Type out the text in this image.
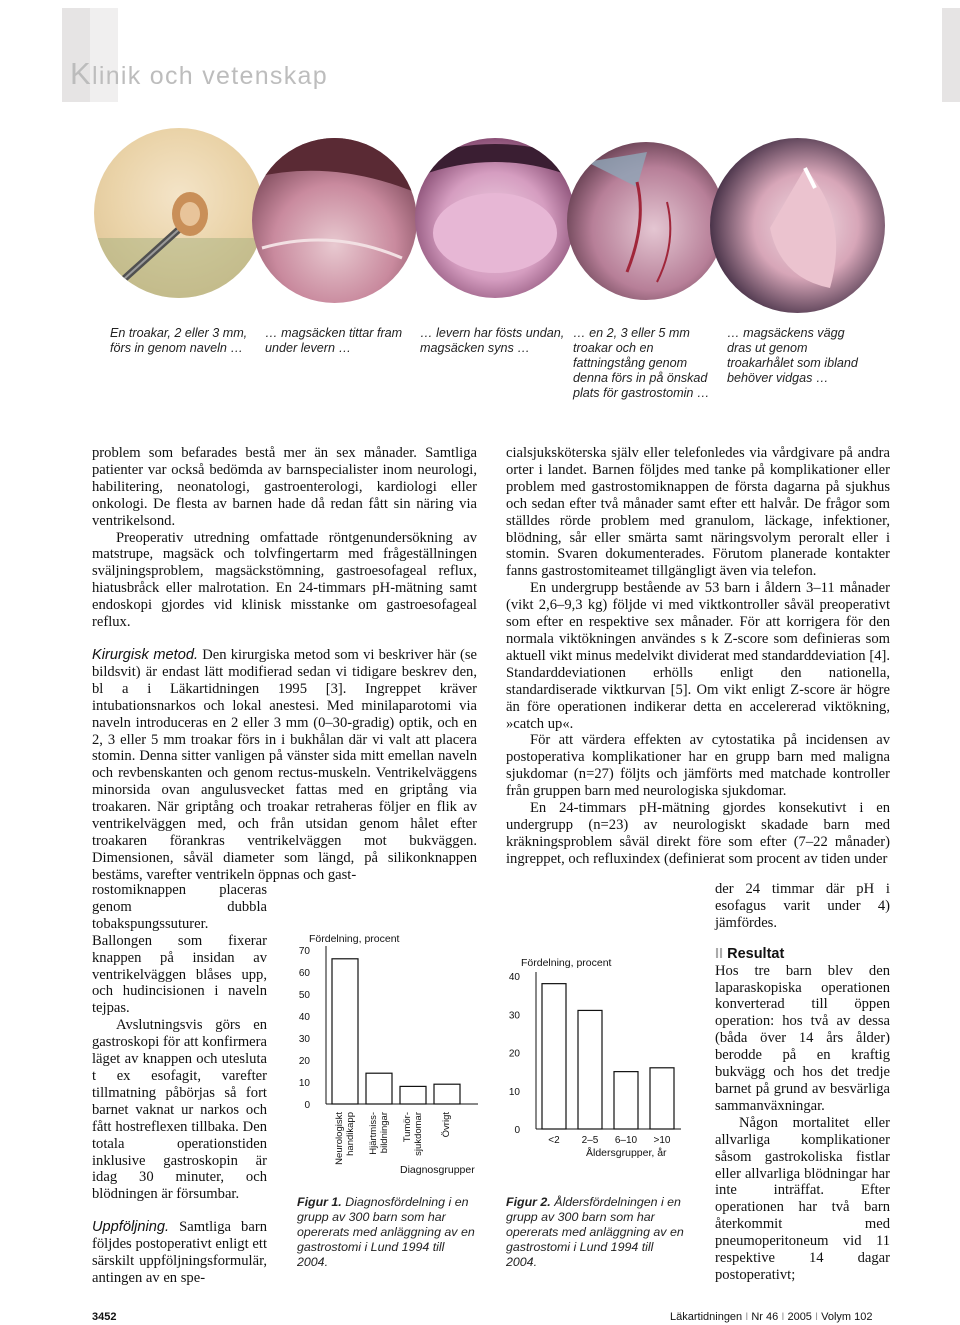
Klinik och vetenskap

En troakar, 2 eller 3 mm, förs in genom naveln …

… magsäcken tittar fram under levern …

… levern har fösts undan, magsäcken syns …

… en 2, 3 eller 5 mm troakar och en fattningstång genom denna förs in på önskad plats för gastrostomin …

… magsäckens vägg dras ut genom troakarhålet som ibland behöver vidgas …

problem som befarades bestå mer än sex månader. Samtliga patienter var också bedömda av barnspecialister inom neurologi, habilitering, neonatologi, gastroenterologi, kardiologi eller onkologi. De flesta av barnen hade då redan fått sin näring via ventrikelsond.

Preoperativ utredning omfattade röntgenundersökning av matstrupe, magsäck och tolvfingertarm med frågeställningen sväljningsproblem, magsäckstömning, gastroesofageal reflux, hiatusbråck eller malrotation. En 24-timmars pH-mätning samt endoskopi gjordes vid klinisk misstanke om gastroesofageal reflux.

Kirurgisk metod. Den kirurgiska metod som vi beskriver här (se bildsvit) är endast lätt modifierad sedan vi tidigare beskrev den, bl a i Läkartidningen 1995 [3]. Ingreppet kräver intubationsnarkos och lokal anestesi. Med minilaparotomi via naveln introduceras en 2 eller 3 mm (0–30-gradig) optik, och en 2, 3 eller 5 mm troakar förs in i bukhålan där vi valt att placera stomin. Denna sitter vanligen på vänster sida mitt emellan naveln och revbenskanten och genom rectus-muskeln. Ventrikelväggens minorsida ovan angulusvecket fattas med en griptång via troakaren. När griptång och troakar retraheras följer en flik av ventrikelväggen med, och från utsidan genom hålet efter troakaren förankras ventrikelväggen mot bukväggen. Dimensionen, såväl diameter som längd, på silikonknappen bestäms, varefter ventrikeln öppnas och gast-

rostomiknappen placeras genom dubbla tobakspungssuturer. Ballongen som fixerar knappen på insidan av ventrikelväggen blåses upp, och hudincisionen i naveln tejpas.

Avslutningsvis görs en gastroskopi för att konfirmera läget av knappen och utesluta t ex esofagit, varefter tillmatning påbörjas så fort barnet vaknat ur narkos och fått hostreflexen tillbaka. Den totala operationstiden inklusive gastroskopin är idag 30 minuter, och blödningen är försumbar.

Uppföljning. Samtliga barn följdes postoperativt enligt ett särskilt uppföljningsformulär, antingen av en spe-

cialsjuksköterska själv eller telefonledes via vårdgivare på andra orter i landet. Barnen följdes med tanke på komplikationer eller problem med gastrostomiknappen de första dagarna på sjukhus och sedan efter två månader samt efter ett halvår. De frågor som ställdes rörde problem med granulom, läckage, infektioner, blödning, sår eller smärta samt näringsvolym peroralt eller i stomin. Svaren dokumenterades. Förutom planerade kontakter fanns gastrostomiteamet tillgängligt även via telefon.

En undergrupp bestående av 53 barn i åldern 3–11 månader (vikt 2,6–9,3 kg) följde vi med viktkontroller såväl preoperativt som efter en respektive sex månader. För att korrigera för den normala viktökningen användes s k Z-score som definieras som aktuell vikt minus medelvikt dividerat med standarddeviation [4]. Standarddeviationen erhölls enligt den nationella, standardiserade viktkurvan [5]. Om vikt enligt Z-score är högre än före operationen indikerar detta en accelererad viktökning, »catch up«.

För att värdera effekten av cytostatika på incidensen av postoperativa komplikationer har en grupp barn med malignа sjukdomar (n=27) följts och jämförts med matchade kontroller från gruppen barn med neurologiska sjukdomar.

En 24-timmars pH-mätning gjordes konsekutivt i en undergrupp (n=23) av neurologiskt skadade barn med kräkningsproblem såväl direkt före som efter (7–22 månader) ingreppet, och refluxindex (definierat som procent av tiden under

der 24 timmar där pH i esofagus varit under 4) jämfördes.

II Resultat

Hos tre barn blev den laparaskopiska operationen konverterad till öppen operation: hos två av dessa (båda över 14 års ålder) berodde på en kraftig bukvägg och hos det tredje barnet på grund av besvärliga sammanväxningar.

Någon mortalitet eller allvarliga komplikationer såsom gastrokoliska fistlar eller allvarliga blödningar har inte inträffat. Efter operationen har två barn återkommit med pneumoperitoneum vid 11 respektive 14 dagar postoperativt;

Fördelning, procent
0
10
20
30
40
50
60
70
Neurologiskthandikapp Hjärtmiss-bildningar Tumör-sjukdomar Övrigt
Diagnosgrupper
Fördelning, procent
0
10
20
30
40
<2 2–5 6–10 >10
Åldersgrupper, år

Figur 1. Diagnosfördelning i en grupp av 300 barn som har opererats med anläggning av en gastrostomi i Lund 1994 till 2004.

Figur 2. Åldersfördelningen i en grupp av 300 barn som har opererats med anläggning av en gastrostomi i Lund 1994 till 2004.

3452	Läkartidningen I Nr 46 I 2005 I Volym 102
